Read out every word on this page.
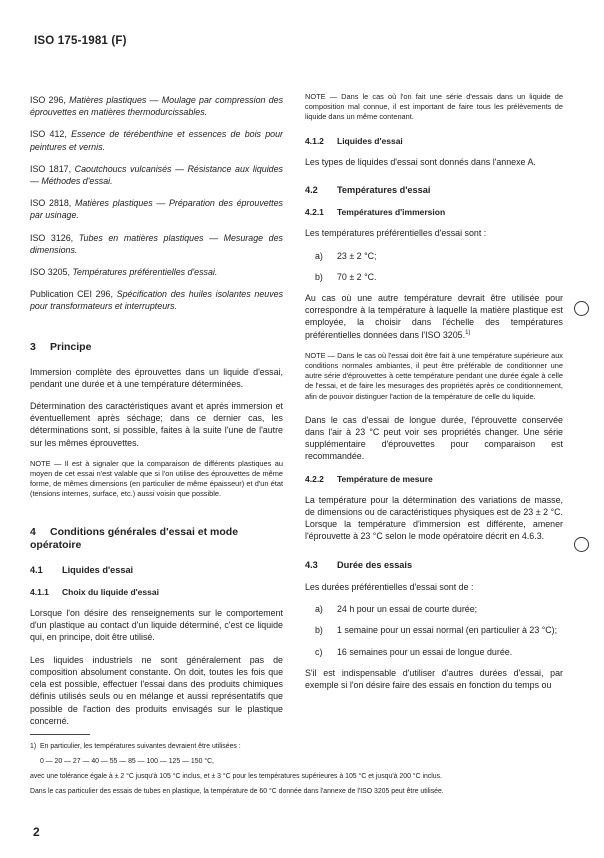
ISO 175-1981 (F)
ISO 296, Matières plastiques — Moulage par compression des éprouvettes en matières thermodurcissables.
ISO 412, Essence de térébenthine et essences de bois pour peintures et vernis.
ISO 1817, Caoutchoucs vulcanisés — Résistance aux liquides — Méthodes d'essai.
ISO 2818, Matières plastiques — Préparation des éprouvettes par usinage.
ISO 3126, Tubes en matières plastiques — Mesurage des dimensions.
ISO 3205, Températures préférentielles d'essai.
Publication CEI 296, Spécification des huiles isolantes neuves pour transformateurs et interrupteurs.
3 Principe

Immersion complète des éprouvettes dans un liquide d'essai, pendant une durée et à une température déterminées.

Détermination des caractéristiques avant et après immersion et éventuellement après séchage; dans ce dernier cas, les déterminations sont, si possible, faites à la suite l'une de l'autre sur les mêmes éprouvettes.

NOTE — Il est à signaler que la comparaison de différents plastiques au moyen de cet essai n'est valable que si l'on utilise des éprouvettes de même forme, de mêmes dimensions (en particulier de même épaisseur) et d'un état (tensions internes, surface, etc.) aussi voisin que possible.
4 Conditions générales d'essai et mode opératoire
4.1 Liquides d'essai
4.1.1 Choix du liquide d'essai

Lorsque l'on désire des renseignements sur le comportement d'un plastique au contact d'un liquide déterminé, c'est ce liquide qui, en principe, doit être utilisé.

Les liquides industriels ne sont généralement pas de composition absolument constante. On doit, toutes les fois que cela est possible, effectuer l'essai dans des produits chimiques définis utilisés seuls ou en mélange et aussi représentatifs que possible de l'action des produits envisagés sur le plastique concerné.

NOTE — Dans le cas où l'on fait une série d'essais dans un liquide de composition mal connue, il est important de faire tous les prélèvements de liquide dans un même contenant.
4.1.2 Liquides d'essai

Les types de liquides d'essai sont donnés dans l'annexe A.

4.2 Températures d'essai
4.2.1 Températures d'immersion

Les températures préférentielles d'essai sont :

a)	23 ± 2 °C;
b)	70 ± 2 °C.

Au cas où une autre température devrait être utilisée pour correspondre à la température à laquelle la matière plastique est employée, la choisir dans l'échelle des températures préférentielles données dans l'ISO 3205.$^{1)}$

NOTE — Dans le cas où l'essai doit être fait à une température supérieure aux conditions normales ambiantes, il peut être préférable de conditionner une autre série d'éprouvettes à cette température pendant une durée égale à celle de l'essai, et de faire les mesurages des propriétés après ce conditionnement, afin de pouvoir distinguer l'action de la température de celle du liquide.

Dans le cas d'essai de longue durée, l'éprouvette conservée dans l'air à 23 °C peut voir ses propriétés changer. Une série supplémentaire d'éprouvettes pour comparaison est recommandée.

4.2.2 Température de mesure

La température pour la détermination des variations de masse, de dimensions ou de caractéristiques physiques est de 23 ± 2 °C. Lorsque la température d'immersion est différente, amener l'éprouvette à 23 °C selon le mode opératoire décrit en 4.6.3.

4.3 Durée des essais

Les durées préférentielles d'essai sont de :

a)	24 h pour un essai de courte durée;
b)	1 semaine pour un essai normal (en particulier à 23 °C);
c)	16 semaines pour un essai de longue durée.

S'il est indispensable d'utiliser d'autres durées d'essai, par exemple si l'on désire faire des essais en fonction du temps ou

1) En particulier, les températures suivantes devraient être utilisées :
0 — 20 — 27 — 40 — 55 — 85 — 100 — 125 — 150 °C,
avec une tolérance égale à ± 2 °C jusqu'à 105 °C inclus, et ± 3 °C pour les températures supérieures à 105 °C et jusqu'à 200 °C inclus.
Dans le cas particulier des essais de tubes en plastique, la température de 60 °C donnée dans l'annexe de l'ISO 3205 peut être utilisée.
2
